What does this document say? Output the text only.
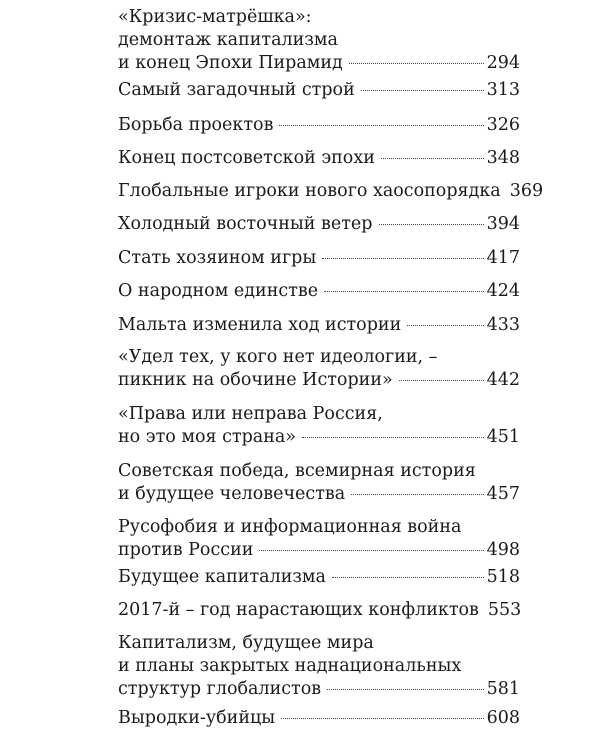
«Кризис-матрёшка»:
демонтаж капитализма
и конец Эпохи Пирамид	294
Самый загадочный строй	313
Борьба проектов	326
Конец постсоветской эпохи	348
Глобальные игроки нового хаосопорядка 369
Холодный восточный ветер	394
Стать хозяином игры	417
О народном единстве	424
Мальта изменила ход истории	433
«Удел тех, у кого нет идеологии, –
пикник на обочине Истории»	442
«Права или неправа Россия,
но это моя страна»	451
Советская победа, всемирная история
и будущее человечества	457
Русофобия и информационная война
против России	498
Будущее капитализма	518
2017-й – год нарастающих конфликтов 553
Капитализм, будущее мира
и планы закрытых наднациональных
структур глобалистов	581
Выродки-убийцы	608
